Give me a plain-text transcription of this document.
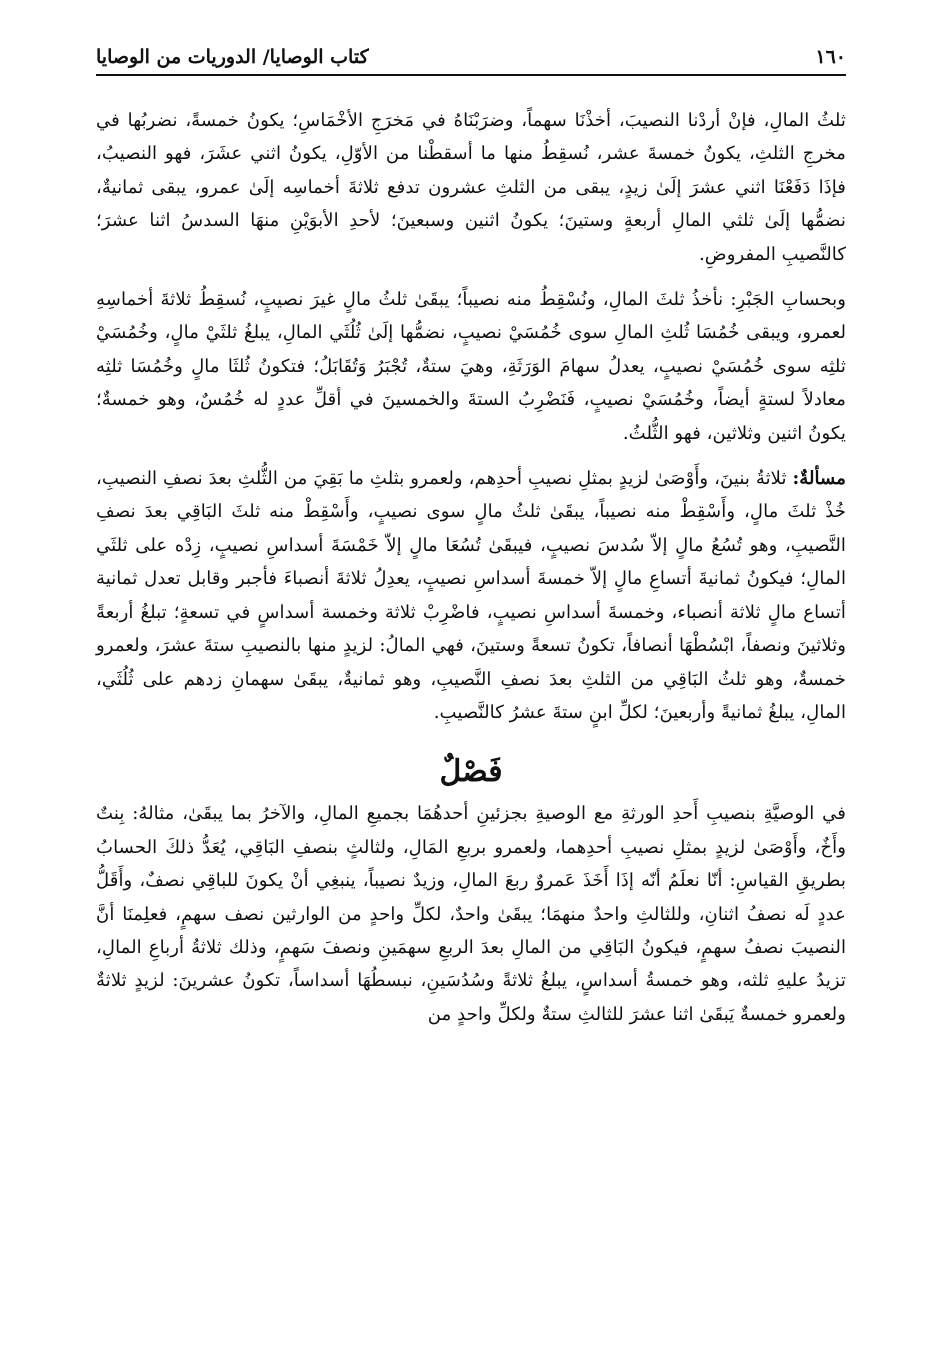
١٦٠
كتاب الوصايا/ الدوريات من الوصايا

ثلثُ المالِ، فإنْ أردْنا النصيبَ، أخذْنَا سهماً، وضرَبْنَاهُ في مَخرَجِ الأخْمَاسِ؛ يكونُ خمسةً، نضربُها في مخرجِ الثلثِ، يكونُ خمسةَ عشر، نُسقِطُ منها ما أسقطْنا من الأوّلِ، يكونُ اثني عشَرَ، فهو النصيبُ، فإذَا دَفَعْنَا اثني عشرَ إلَىٰ زيدٍ، يبقى من الثلثِ عشرون تدفع ثلاثةَ أخماسِه إلَىٰ عمرو، يبقى ثمانيةٌ، نضمُّها إلَىٰ ثلثي المالِ أربعةٍ وستينَ؛ يكونُ اثنين وسبعينَ؛ لأحدِ الأبوَيْنِ منهَا السدسُ اثنا عشرَ؛ كالنَّصيبِ المفروضِ.

وبحسابِ الجَبْرِ: نأخذُ ثلثَ المالِ، ونُسْقِطُ منه نصيباً؛ يبقَىٰ ثلثُ مالٍ غيرَ نصيبٍ، نُسقِطُ ثلاثةَ أخماسِهِ لعمرو، ويبقى خُمُسَا ثُلثِ المالِ سوى خُمُسَيْ نصيبٍ، نضمُّها إلَىٰ ثُلُثَي المالِ، يبلغُ ثلثَيْ مالٍ، وخُمُسَيْ ثلثِه سوى خُمُسَيْ نصيبٍ، يعدلُ سهامَ الوَرَثَةِ، وهيَ ستةٌ، تُجْبَرُ وَتُقَابَلُ؛ فتكونُ ثُلثَا مالٍ وخُمُسَا ثلثِه معادلاً لستةٍ أيضاً، وخُمُسَيْ نصيبٍ، فَنَضْرِبُ الستةَ والخمسينَ في أقلِّ عددٍ له خُمُسٌ، وهو خمسةٌ؛ يكونُ اثنين وثلاثين، فهو الثُّلثُ.

مسألةٌ: ثلاثةُ بنينَ، وأَوْصَىٰ لزيدٍ بمثلِ نصيبِ أحدِهم، ولعمرو بثلثِ ما بَقِيَ من الثُّلثِ بعدَ نصفِ النصيبِ، خُذْ ثلثَ مالٍ، وأَسْقِطْ منه نصيباً، يبقَىٰ ثلثُ مالٍ سوى نصيبٍ، وأَسْقِطْ منه ثلثَ البَاقِي بعدَ نصفِ النَّصيبِ، وهو تُسُعُ مالٍ إلاّ سُدسَ نصيبٍ، فيبقَىٰ تُسُعَا مالٍ إلاّ خَمْسَةَ أسداسِ نصيبٍ، زِدْه على ثلثَي المالِ؛ فيكونُ ثمانيةَ أتساعِ مالٍ إلاّ خمسةَ أسداسِ نصيبٍ، يعدِلُ ثلاثةَ أنصباءَ فأجبر وقابل تعدل ثمانية أتساع مالٍ ثلاثة أنصباء، وخمسةَ أسداسِ نصيبٍ، فاضْرِبْ ثلاثة وخمسة أسداسٍ في تسعةٍ؛ تبلغُ أربعةً وثلاثينَ ونصفاً، ابْسُطْهَا أنصافاً، تكونُ تسعةً وستينَ، فهي المالُ: لزيدٍ منها بالنصيبِ ستةَ عشرَ، ولعمرو خمسةٌ، وهو ثلثُ البَاقِي من الثلثِ بعدَ نصفِ النَّصيبِ، وهو ثمانيةٌ، يبقَىٰ سهمانِ زدهم على ثُلُثَي، المالِ، يبلغُ ثمانيةً وأربعينَ؛ لكلِّ ابنٍ ستةَ عشرُ كالنَّصيبِ.

فَصْلٌ

في الوصيَّةِ بنصيبِ أَحدِ الورثةِ مع الوصيةِ بجزئينِ أحدهُمَا بجميعِ المالِ، والآخرُ بما يبقَىٰ، مثالهُ: بِنتٌ وأَخٌ، وأَوْصَىٰ لزيدٍ بمثلِ نصيبِ أحدِهما، ولعمرو بربعِ المَالِ، ولثالثٍ بنصفِ البَاقِي، يُعَدُّ ذلكَ الحسابُ بطريقِ القياسِ: أنّا نعلَمُ أنّه إذَا أَخَذَ عَمروٌ ربعَ المالِ، وزيدٌ نصيباً، ينبغِي أنْ يكونَ للباقِي نصفٌ، وأَقَلُّ عددٍ لَه نصفُ اثنانِ، وللثالثِ واحدٌ منهمَا؛ يبقَىٰ واحدٌ، لكلِّ واحدٍ من الوارثين نصف سهمٍ، فعلِمنَا أنَّ النصيبَ نصفُ سهمٍ، فيكونُ البَاقِي من المالِ بعدَ الربعِ سهمَينِ ونصفَ سَهمٍ، وذلك ثلاثةُ أرباعِ المالِ، تزيدُ عليهِ ثلثه، وهو خمسةُ أسداسٍ، يبلغُ ثلاثةً وسُدُسَينِ، نبسطُهَا أسداساً، تكونُ عشرينَ: لزيدٍ ثلاثةٌ ولعمرو خمسةٌ يَبقَىٰ اثنا عشرَ للثالثِ ستةٌ ولكلِّ واحدٍ من
